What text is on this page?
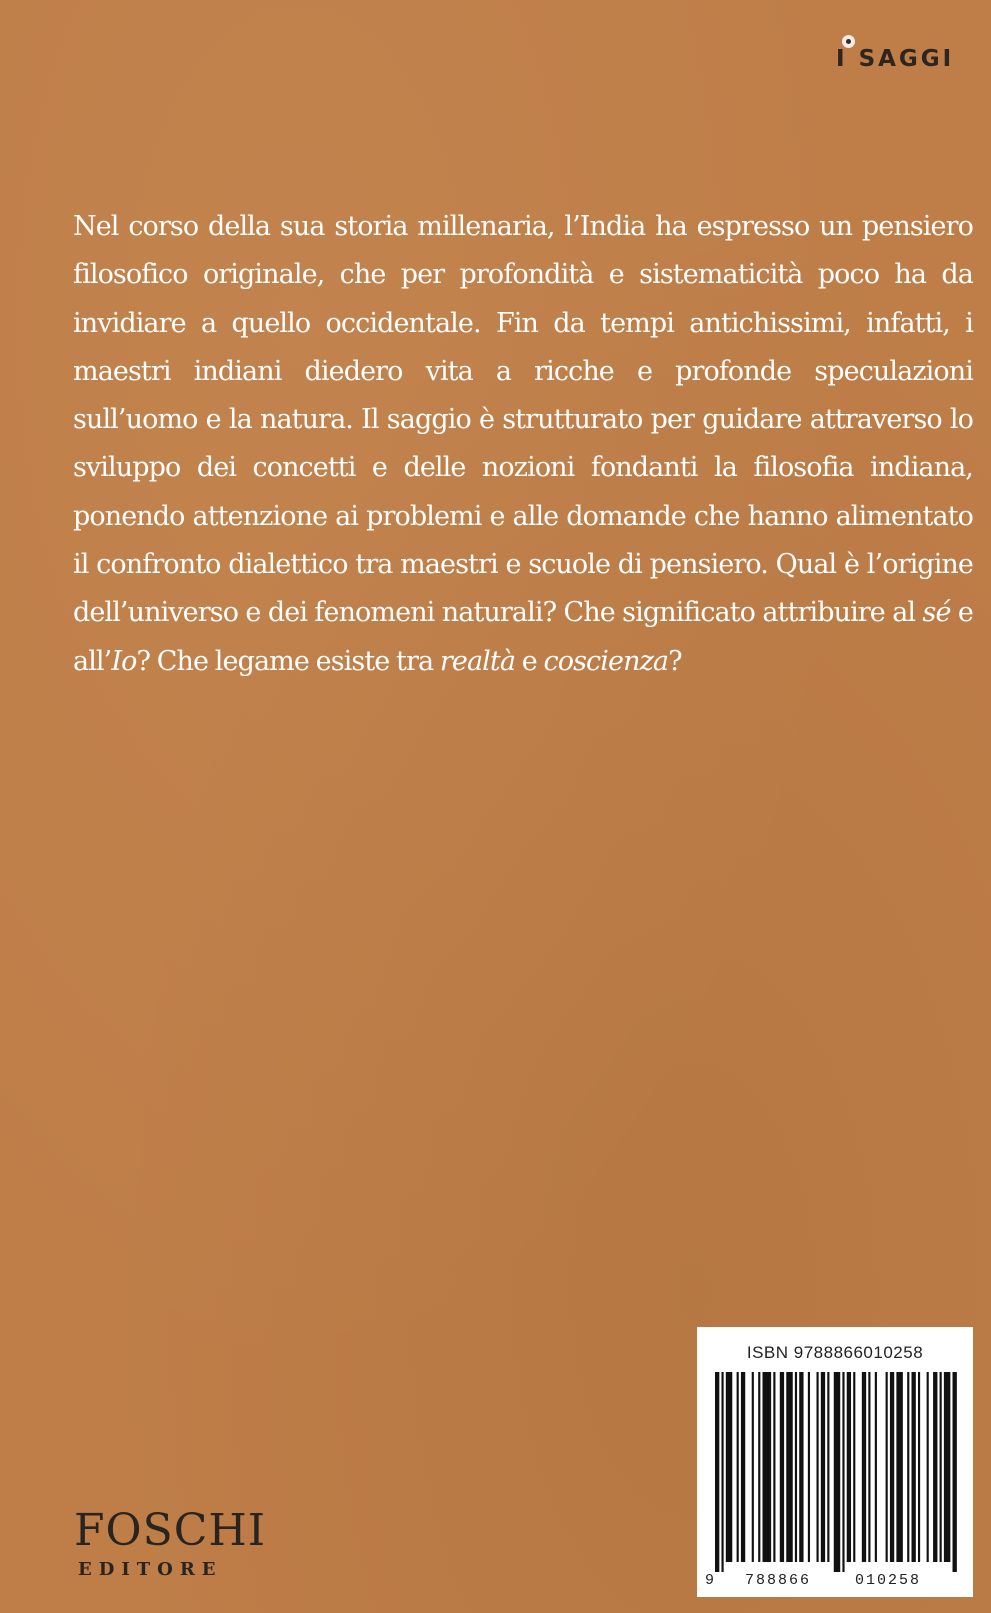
I SAGGI

Nel corso della sua storia millenaria, l’India ha espresso un pensiero filosofico originale, che per profondità e sistematicità poco ha da invidiare a quello occidentale. Fin da tempi antichissimi, infatti, i maestri indiani diedero vita a ricche e profonde speculazioni sull’uomo e la natura. Il saggio è strutturato per guidare attraverso lo sviluppo dei concetti e delle nozioni fondanti la filosofia indiana, ponendo attenzione ai problemi e alle domande che hanno alimentato il confronto dialettico tra maestri e scuole di pensiero. Qual è l’origine dell’universo e dei fenomeni naturali? Che significato attribuire al sé e all’Io? Che legame esiste tra realtà e coscienza?

ISBN 9788866010258
9 788866	010258
FOSCHI
EDITORE
